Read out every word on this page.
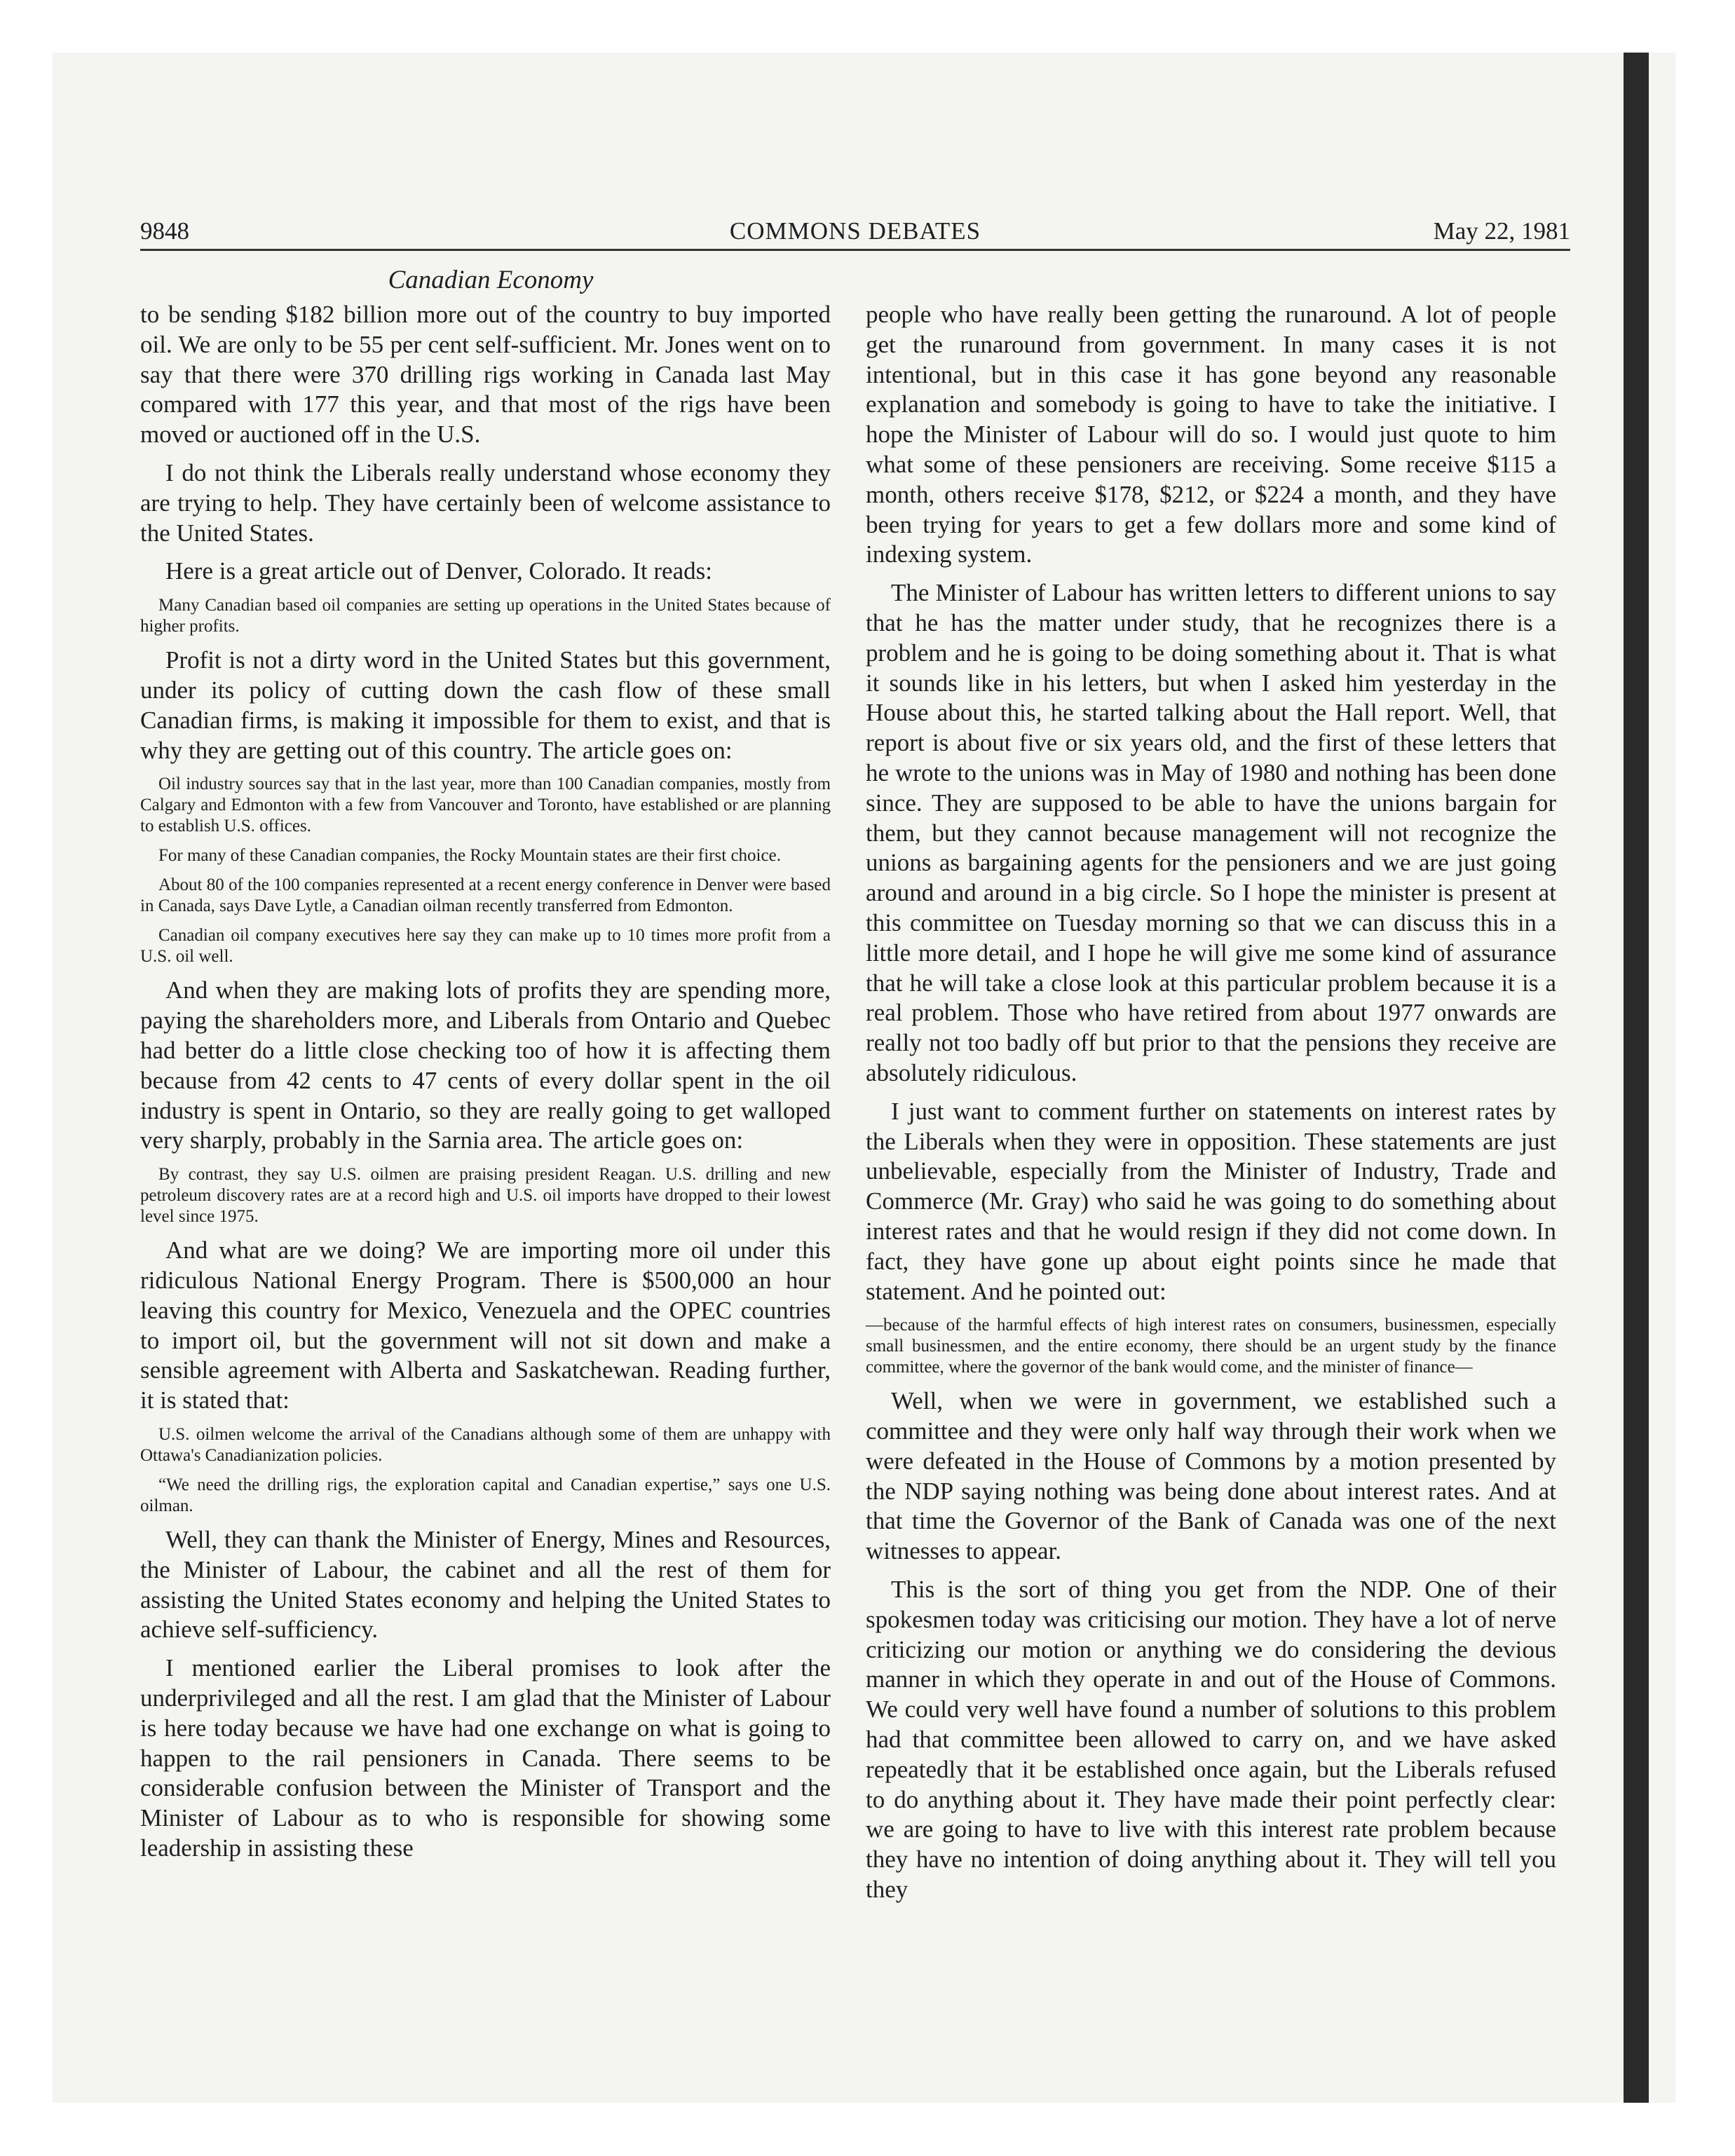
9848	COMMONS DEBATES	May 22, 1981
Canadian Economy

to be sending $182 billion more out of the country to buy imported oil. We are only to be 55 per cent self-sufficient. Mr. Jones went on to say that there were 370 drilling rigs working in Canada last May compared with 177 this year, and that most of the rigs have been moved or auctioned off in the U.S.

I do not think the Liberals really understand whose economy they are trying to help. They have certainly been of welcome assistance to the United States.

Here is a great article out of Denver, Colorado. It reads:

Many Canadian based oil companies are setting up operations in the United States because of higher profits.

Profit is not a dirty word in the United States but this government, under its policy of cutting down the cash flow of these small Canadian firms, is making it impossible for them to exist, and that is why they are getting out of this country. The article goes on:

Oil industry sources say that in the last year, more than 100 Canadian companies, mostly from Calgary and Edmonton with a few from Vancouver and Toronto, have established or are planning to establish U.S. offices.

For many of these Canadian companies, the Rocky Mountain states are their first choice.

About 80 of the 100 companies represented at a recent energy conference in Denver were based in Canada, says Dave Lytle, a Canadian oilman recently transferred from Edmonton.

Canadian oil company executives here say they can make up to 10 times more profit from a U.S. oil well.

And when they are making lots of profits they are spending more, paying the shareholders more, and Liberals from Ontario and Quebec had better do a little close checking too of how it is affecting them because from 42 cents to 47 cents of every dollar spent in the oil industry is spent in Ontario, so they are really going to get walloped very sharply, probably in the Sarnia area. The article goes on:

By contrast, they say U.S. oilmen are praising president Reagan. U.S. drilling and new petroleum discovery rates are at a record high and U.S. oil imports have dropped to their lowest level since 1975.

And what are we doing? We are importing more oil under this ridiculous National Energy Program. There is $500,000 an hour leaving this country for Mexico, Venezuela and the OPEC countries to import oil, but the government will not sit down and make a sensible agreement with Alberta and Saskatchewan. Reading further, it is stated that:

U.S. oilmen welcome the arrival of the Canadians although some of them are unhappy with Ottawa's Canadianization policies.

“We need the drilling rigs, the exploration capital and Canadian expertise,” says one U.S. oilman.

Well, they can thank the Minister of Energy, Mines and Resources, the Minister of Labour, the cabinet and all the rest of them for assisting the United States economy and helping the United States to achieve self-sufficiency.

I mentioned earlier the Liberal promises to look after the underprivileged and all the rest. I am glad that the Minister of Labour is here today because we have had one exchange on what is going to happen to the rail pensioners in Canada. There seems to be considerable confusion between the Minister of Transport and the Minister of Labour as to who is responsible for showing some leadership in assisting these

people who have really been getting the runaround. A lot of people get the runaround from government. In many cases it is not intentional, but in this case it has gone beyond any reasonable explanation and somebody is going to have to take the initiative. I hope the Minister of Labour will do so. I would just quote to him what some of these pensioners are receiving. Some receive $115 a month, others receive $178, $212, or $224 a month, and they have been trying for years to get a few dollars more and some kind of indexing system.

The Minister of Labour has written letters to different unions to say that he has the matter under study, that he recognizes there is a problem and he is going to be doing something about it. That is what it sounds like in his letters, but when I asked him yesterday in the House about this, he started talking about the Hall report. Well, that report is about five or six years old, and the first of these letters that he wrote to the unions was in May of 1980 and nothing has been done since. They are supposed to be able to have the unions bargain for them, but they cannot because management will not recognize the unions as bargaining agents for the pensioners and we are just going around and around in a big circle. So I hope the minister is present at this committee on Tuesday morning so that we can discuss this in a little more detail, and I hope he will give me some kind of assurance that he will take a close look at this particular problem because it is a real problem. Those who have retired from about 1977 onwards are really not too badly off but prior to that the pensions they receive are absolutely ridiculous.

I just want to comment further on statements on interest rates by the Liberals when they were in opposition. These statements are just unbelievable, especially from the Minister of Industry, Trade and Commerce (Mr. Gray) who said he was going to do something about interest rates and that he would resign if they did not come down. In fact, they have gone up about eight points since he made that statement. And he pointed out:

—because of the harmful effects of high interest rates on consumers, businessmen, especially small businessmen, and the entire economy, there should be an urgent study by the finance committee, where the governor of the bank would come, and the minister of finance—

Well, when we were in government, we established such a committee and they were only half way through their work when we were defeated in the House of Commons by a motion presented by the NDP saying nothing was being done about interest rates. And at that time the Governor of the Bank of Canada was one of the next witnesses to appear.

This is the sort of thing you get from the NDP. One of their spokesmen today was criticising our motion. They have a lot of nerve criticizing our motion or anything we do considering the devious manner in which they operate in and out of the House of Commons. We could very well have found a number of solutions to this problem had that committee been allowed to carry on, and we have asked repeatedly that it be established once again, but the Liberals refused to do anything about it. They have made their point perfectly clear: we are going to have to live with this interest rate problem because they have no intention of doing anything about it. They will tell you they
